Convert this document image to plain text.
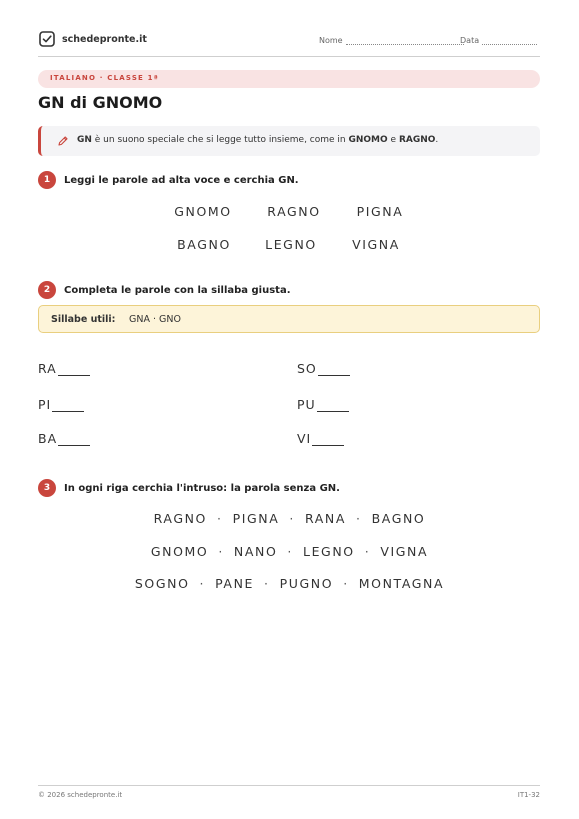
schedepronte.it	Nome	Data
ITALIANO · CLASSE 1ª
GN di GNOMO
GN è un suono speciale che si legge tutto insieme, come in GNOMO e RAGNO.
1	Leggi le parole ad alta voce e cerchia GN.
GNOMO	RAGNO	PIGNA
BAGNO	LEGNO	VIGNA
2	Completa le parole con la sillaba giusta.
Sillabe utili: GNA · GNO
RA	SO
PI	PU
BA	VI
3	In ogni riga cerchia l'intruso: la parola senza GN.
RAGNO · PIGNA · RANA · BAGNO
GNOMO · NANO · LEGNO · VIGNA
SOGNO · PANE · PUGNO · MONTAGNA
© 2026 schedepronte.it	IT1-32
